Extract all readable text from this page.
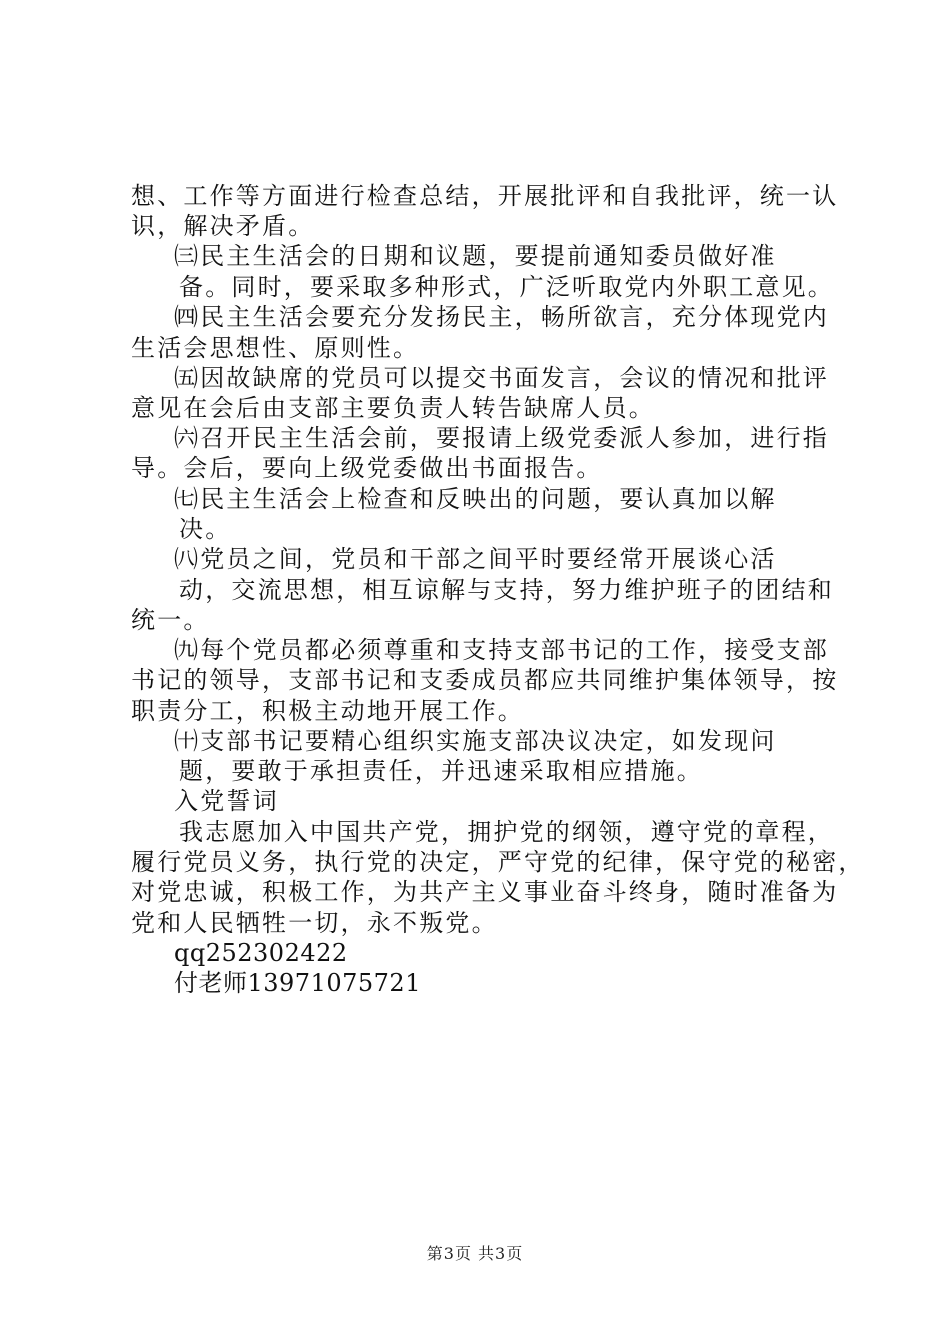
想、工作等方面进行检查总结，开展批评和自我批评，统一认
识，解决矛盾。
㈢民主生活会的日期和议题，要提前通知委员做好准
备。同时，要采取多种形式，广泛听取党内外职工意见。
㈣民主生活会要充分发扬民主，畅所欲言，充分体现党内
生活会思想性、原则性。
㈤因故缺席的党员可以提交书面发言，会议的情况和批评
意见在会后由支部主要负责人转告缺席人员。
㈥召开民主生活会前，要报请上级党委派人参加，进行指
导。会后，要向上级党委做出书面报告。
㈦民主生活会上检查和反映出的问题，要认真加以解
决。
㈧党员之间，党员和干部之间平时要经常开展谈心活
动，交流思想，相互谅解与支持，努力维护班子的团结和
统一。
㈨每个党员都必须尊重和支持支部书记的工作，接受支部
书记的领导，支部书记和支委成员都应共同维护集体领导，按
职责分工，积极主动地开展工作。
㈩支部书记要精心组织实施支部决议决定，如发现问
题，要敢于承担责任，并迅速采取相应措施。
入党誓词
我志愿加入中国共产党，拥护党的纲领，遵守党的章程，
履行党员义务，执行党的决定，严守党的纪律，保守党的秘密，
对党忠诚，积极工作，为共产主义事业奋斗终身，随时准备为
党和人民牺牲一切，永不叛党。
qq252302422
付老师13971075721
第3页 共3页
